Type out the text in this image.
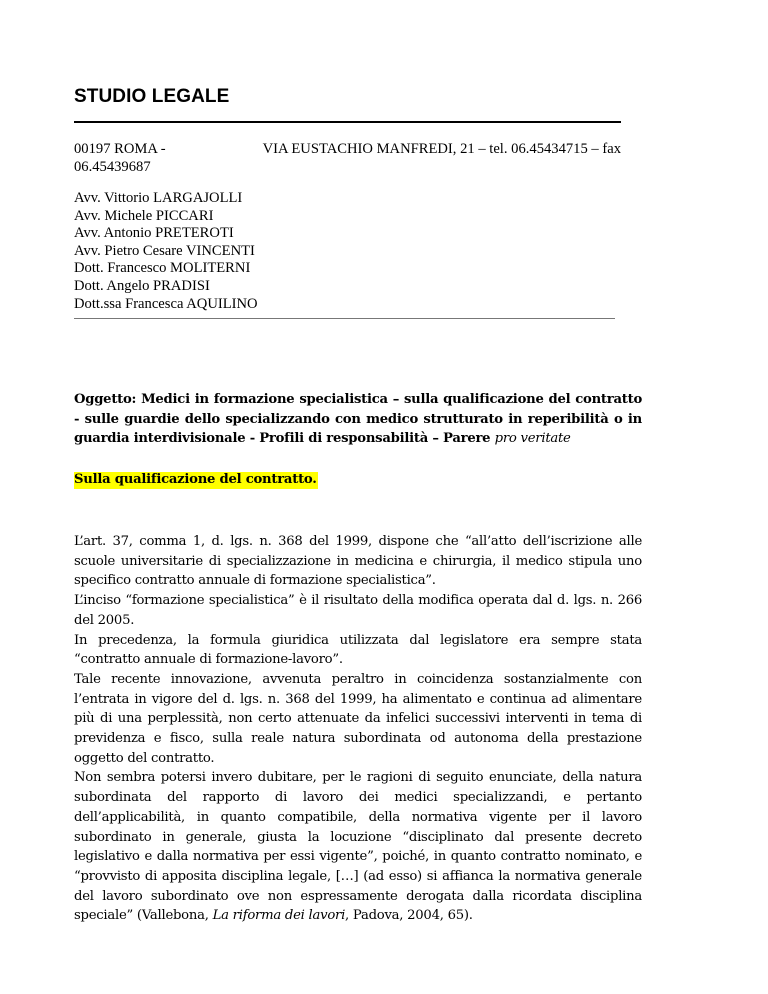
STUDIO LEGALE
00197 ROMA -	VIA EUSTACHIO MANFREDI, 21 – tel. 06.45434715 – fax
06.45439687
Avv. Vittorio LARGAJOLLI
Avv. Michele PICCARI
Avv. Antonio PRETEROTI
Avv. Pietro Cesare VINCENTI
Dott. Francesco MOLITERNI
Dott. Angelo PRADISI
Dott.ssa Francesca AQUILINO

Oggetto: Medici in formazione specialistica – sulla qualificazione del contratto - sulle guardie dello specializzando con medico strutturato in reperibilità o in guardia interdivisionale - Profili di responsabilità – Parere pro veritate

Sulla qualificazione del contratto.

L’art. 37, comma 1, d. lgs. n. 368 del 1999, dispone che “all’atto dell’iscrizione alle scuole universitarie di specializzazione in medicina e chirurgia, il medico stipula uno specifico contratto annuale di formazione specialistica”.

L’inciso “formazione specialistica” è il risultato della modifica operata dal d. lgs. n. 266 del 2005.

In precedenza, la formula giuridica utilizzata dal legislatore era sempre stata “contratto annuale di formazione-lavoro”.

Tale recente innovazione, avvenuta peraltro in coincidenza sostanzialmente con l’entrata in vigore del d. lgs. n. 368 del 1999, ha alimentato e continua ad alimentare più di una perplessità, non certo attenuate da infelici successivi interventi in tema di previdenza e fisco, sulla reale natura subordinata od autonoma della prestazione oggetto del contratto.

Non sembra potersi invero dubitare, per le ragioni di seguito enunciate, della natura subordinata del rapporto di lavoro dei medici specializzandi, e pertanto dell’applicabilità, in quanto compatibile, della normativa vigente per il lavoro subordinato in generale, giusta la locuzione “disciplinato dal presente decreto legislativo e dalla normativa per essi vigente”, poiché, in quanto contratto nominato, e “provvisto di apposita disciplina legale, […] (ad esso) si affianca la normativa generale del lavoro subordinato ove non espressamente derogata dalla ricordata disciplina speciale” (Vallebona, La riforma dei lavori, Padova, 2004, 65).
